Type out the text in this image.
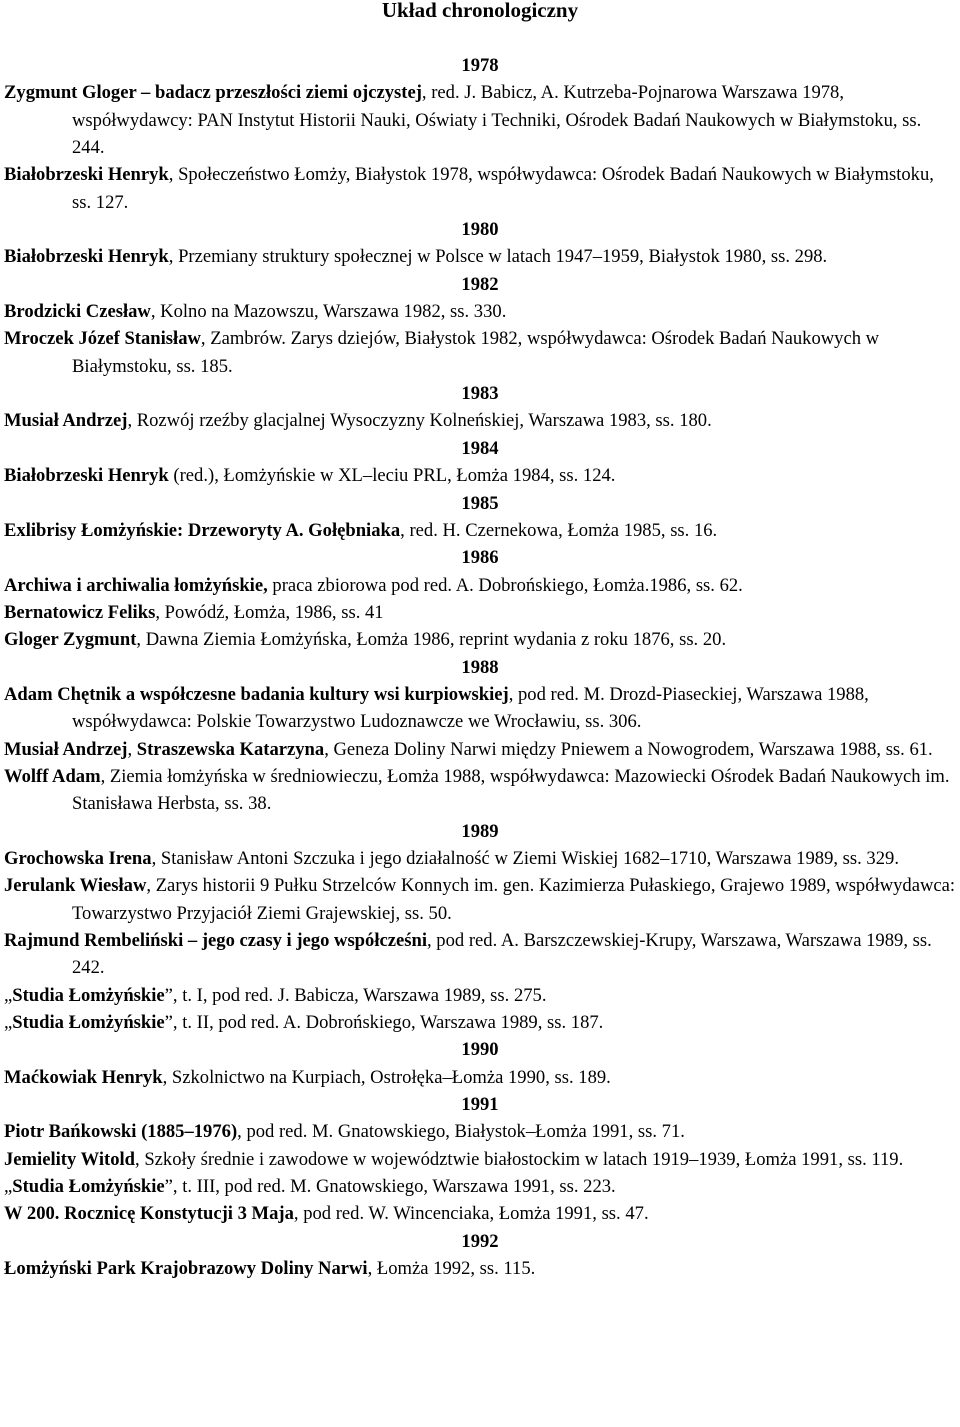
Układ chronologiczny
1978
Zygmunt Gloger – badacz przeszłości ziemi ojczystej, red. J. Babicz, A. Kutrzeba-Pojnarowa Warszawa 1978, współwydawcy: PAN Instytut Historii Nauki, Oświaty i Techniki, Ośrodek Badań Naukowych w Białymstoku, ss. 244.
Białobrzeski Henryk, Społeczeństwo Łomży, Białystok 1978, współwydawca: Ośrodek Badań Naukowych w Białymstoku, ss. 127.
1980
Białobrzeski Henryk, Przemiany struktury społecznej w Polsce w latach 1947–1959, Białystok 1980, ss. 298.
1982
Brodzicki Czesław, Kolno na Mazowszu, Warszawa 1982, ss. 330.
Mroczek Józef Stanisław, Zambrów. Zarys dziejów, Białystok 1982, współwydawca: Ośrodek Badań Naukowych w Białymstoku, ss. 185.
1983
Musiał Andrzej, Rozwój rzeźby glacjalnej Wysoczyzny Kolneńskiej, Warszawa 1983, ss. 180.
1984
Białobrzeski Henryk (red.), Łomżyńskie w XL–leciu PRL, Łomża 1984, ss. 124.
1985
Exlibrisy Łomżyńskie: Drzeworyty A. Gołębniaka, red. H. Czernekowa, Łomża 1985, ss. 16.
1986
Archiwa i archiwalia łomżyńskie, praca zbiorowa pod red. A. Dobrońskiego, Łomża.1986, ss. 62.
Bernatowicz Feliks, Powódź, Łomża, 1986, ss. 41
Gloger Zygmunt, Dawna Ziemia Łomżyńska, Łomża 1986, reprint wydania z roku 1876, ss. 20.
1988
Adam Chętnik a współczesne badania kultury wsi kurpiowskiej, pod red. M. Drozd-Piaseckiej, Warszawa 1988, współwydawca: Polskie Towarzystwo Ludoznawcze we Wrocławiu, ss. 306.
Musiał Andrzej, Straszewska Katarzyna, Geneza Doliny Narwi między Pniewem a Nowogrodem, Warszawa 1988, ss. 61.
Wolff Adam, Ziemia łomżyńska w średniowieczu, Łomża 1988, współwydawca: Mazowiecki Ośrodek Badań Naukowych im. Stanisława Herbsta, ss. 38.
1989
Grochowska Irena, Stanisław Antoni Szczuka i jego działalność w Ziemi Wiskiej 1682–1710, Warszawa 1989, ss. 329.
Jerulank Wiesław, Zarys historii 9 Pułku Strzelców Konnych im. gen. Kazimierza Pułaskiego, Grajewo 1989, współwydawca: Towarzystwo Przyjaciół Ziemi Grajewskiej, ss. 50.
Rajmund Rembeliński – jego czasy i jego współcześni, pod red. A. Barszczewskiej-Krupy, Warszawa, Warszawa 1989, ss. 242.
„Studia Łomżyńskie”, t. I, pod red. J. Babicza, Warszawa 1989, ss. 275.
„Studia Łomżyńskie”, t. II, pod red. A. Dobrońskiego, Warszawa 1989, ss. 187.
1990
Maćkowiak Henryk, Szkolnictwo na Kurpiach, Ostrołęka–Łomża 1990, ss. 189.
1991
Piotr Bańkowski (1885–1976), pod red. M. Gnatowskiego, Białystok–Łomża 1991, ss. 71.
Jemielity Witold, Szkoły średnie i zawodowe w województwie białostockim w latach 1919–1939, Łomża 1991, ss. 119.
„Studia Łomżyńskie”, t. III, pod red. M. Gnatowskiego, Warszawa 1991, ss. 223.
W 200. Rocznicę Konstytucji 3 Maja, pod red. W. Wincenciaka, Łomża 1991, ss. 47.
1992
Łomżyński Park Krajobrazowy Doliny Narwi, Łomża 1992, ss. 115.
